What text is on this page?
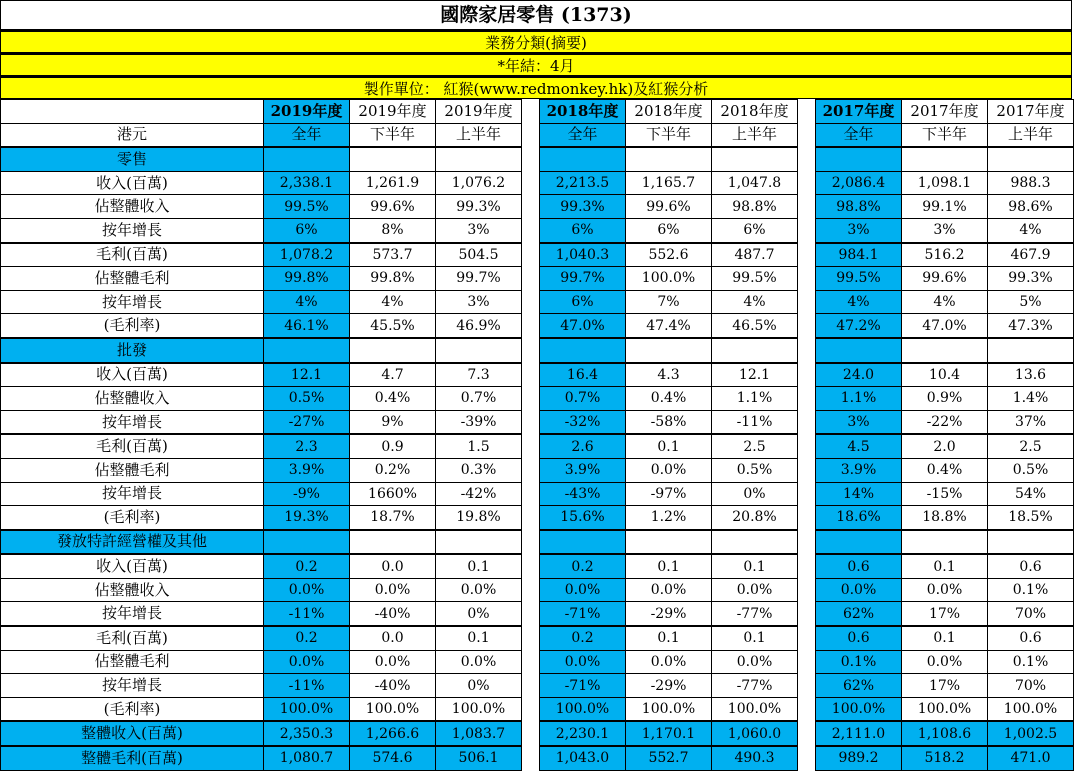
國際家居零售 (1373)
業務分類(摘要)
*年結：4月
製作單位： 紅猴(www.redmonkey.hk)及紅猴分析
	2019年度	2019年度	2019年度		2018年度	2018年度	2018年度		2017年度	2017年度	2017年度
港元	全年	下半年	上半年		全年	下半年	上半年		全年	下半年	上半年
零售											
收入(百萬)	2,338.1	1,261.9	1,076.2		2,213.5	1,165.7	1,047.8		2,086.4	1,098.1	988.3
佔整體收入	99.5%	99.6%	99.3%		99.3%	99.6%	98.8%		98.8%	99.1%	98.6%
按年增長	6%	8%	3%		6%	6%	6%		3%	3%	4%
毛利(百萬)	1,078.2	573.7	504.5		1,040.3	552.6	487.7		984.1	516.2	467.9
佔整體毛利	99.8%	99.8%	99.7%		99.7%	100.0%	99.5%		99.5%	99.6%	99.3%
按年增長	4%	4%	3%		6%	7%	4%		4%	4%	5%
(毛利率)	46.1%	45.5%	46.9%		47.0%	47.4%	46.5%		47.2%	47.0%	47.3%
批發											
收入(百萬)	12.1	4.7	7.3		16.4	4.3	12.1		24.0	10.4	13.6
佔整體收入	0.5%	0.4%	0.7%		0.7%	0.4%	1.1%		1.1%	0.9%	1.4%
按年增長	-27%	9%	-39%		-32%	-58%	-11%		3%	-22%	37%
毛利(百萬)	2.3	0.9	1.5		2.6	0.1	2.5		4.5	2.0	2.5
佔整體毛利	3.9%	0.2%	0.3%		3.9%	0.0%	0.5%		3.9%	0.4%	0.5%
按年增長	-9%	1660%	-42%		-43%	-97%	0%		14%	-15%	54%
(毛利率)	19.3%	18.7%	19.8%		15.6%	1.2%	20.8%		18.6%	18.8%	18.5%
發放特許經營權及其他											
收入(百萬)	0.2	0.0	0.1		0.2	0.1	0.1		0.6	0.1	0.6
佔整體收入	0.0%	0.0%	0.0%		0.0%	0.0%	0.0%		0.0%	0.0%	0.1%
按年增長	-11%	-40%	0%		-71%	-29%	-77%		62%	17%	70%
毛利(百萬)	0.2	0.0	0.1		0.2	0.1	0.1		0.6	0.1	0.6
佔整體毛利	0.0%	0.0%	0.0%		0.0%	0.0%	0.0%		0.1%	0.0%	0.1%
按年增長	-11%	-40%	0%		-71%	-29%	-77%		62%	17%	70%
(毛利率)	100.0%	100.0%	100.0%		100.0%	100.0%	100.0%		100.0%	100.0%	100.0%
整體收入(百萬)	2,350.3	1,266.6	1,083.7		2,230.1	1,170.1	1,060.0		2,111.0	1,108.6	1,002.5
整體毛利(百萬)	1,080.7	574.6	506.1		1,043.0	552.7	490.3		989.2	518.2	471.0
